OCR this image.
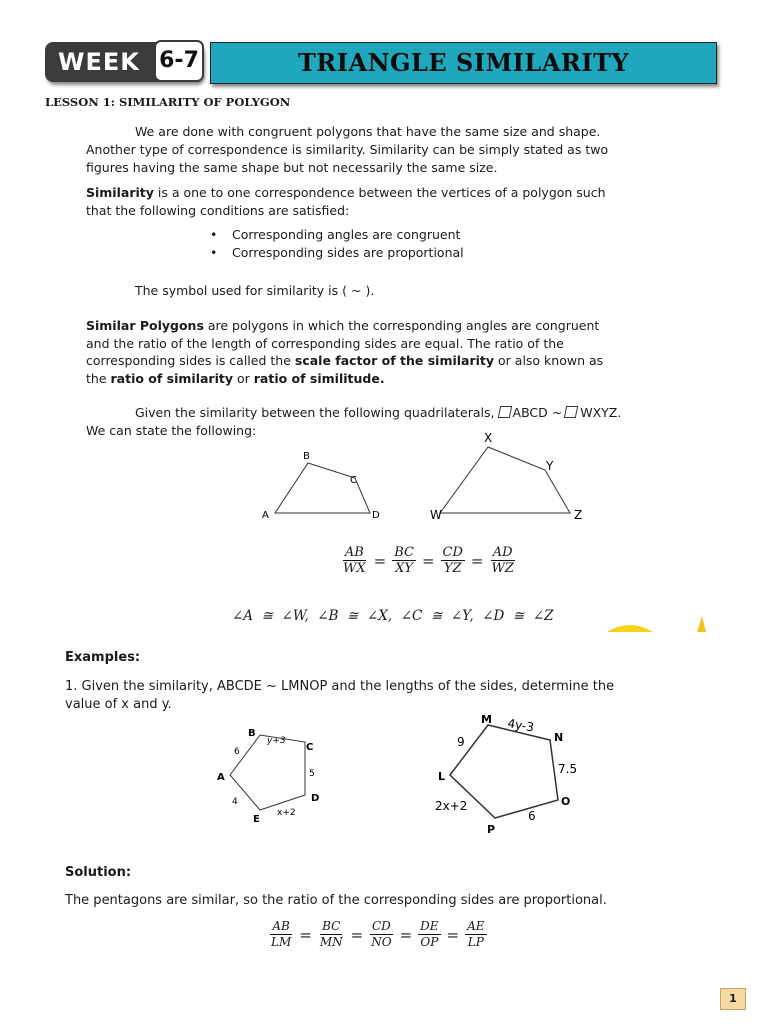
WEEK 6-7	TRIANGLE SIMILARITY
LESSON 1: SIMILARITY OF POLYGON
We are done with congruent polygons that have the same size and shape.
Another type of correspondence is similarity. Similarity can be simply stated as two
figures having the same shape but not necessarily the same size.
Similarity is a one to one correspondence between the vertices of a polygon such
that the following conditions are satisfied:
• Corresponding angles are congruent
• Corresponding sides are proportional
The symbol used for similarity is ( ~ ).
Similar Polygons are polygons in which the corresponding angles are congruent
and the ratio of the length of corresponding sides are equal. The ratio of the
corresponding sides is called the scale factor of the similarity or also known as
the ratio of similarity or ratio of similitude.
Given the similarity between the following quadrilaterals, ABCD ~ WXYZ.
We can state the following:
A
B
C
D	W
X
Y
Z
$\frac{AB}{WX} = \frac{BC}{XY} = \frac{CD}{YZ} = \frac{AD}{WZ}$
∠A  ≅  ∠W,  ∠B  ≅  ∠X,  ∠C  ≅  ∠Y,  ∠D  ≅  ∠Z
Examples:
1. Given the similarity, ABCDE ~ LMNOP and the lengths of the sides, determine the
value of x and y.
A
B
C
D
E
6
y+3
5
x+2
4
L
M
N
O
P
9
4y-3
7.5
6
2x+2
Solution:
The pentagons are similar, so the ratio of the corresponding sides are proportional.
$\frac{AB}{LM} = \frac{BC}{MN} = \frac{CD}{NO} = \frac{DE}{OP} = \frac{AE}{LP}$
1
